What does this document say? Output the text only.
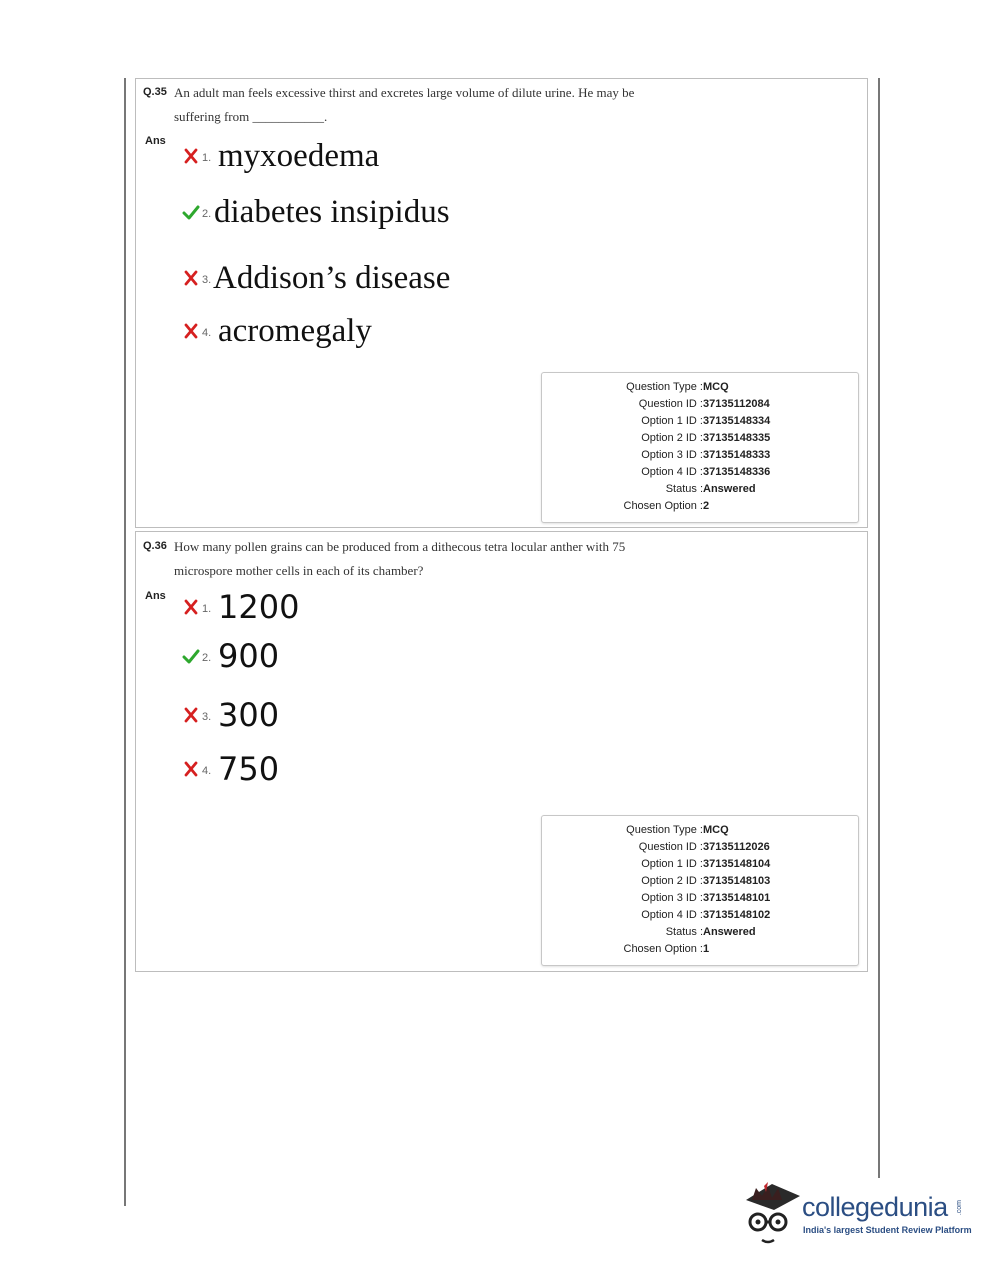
Q.35 An adult man feels excessive thirst and excretes large volume of dilute urine. He may be suffering from ___________.
Ans
1. myxoedema
2. diabetes insipidus
3. Addison’s disease
4. acromegaly
Question Type : MCQ
Question ID : 37135112084
Option 1 ID : 37135148334
Option 2 ID : 37135148335
Option 3 ID : 37135148333
Option 4 ID : 37135148336
Status : Answered
Chosen Option : 2
Q.36 How many pollen grains can be produced from a dithecous tetra locular anther with 75 microspore mother cells in each of its chamber?
Ans
1. 1200
2. 900
3. 300
4. 750
Question Type : MCQ
Question ID : 37135112026
Option 1 ID : 37135148104
Option 2 ID : 37135148103
Option 3 ID : 37135148101
Option 4 ID : 37135148102
Status : Answered
Chosen Option : 1
collegedunia .com
India's largest Student Review Platform
